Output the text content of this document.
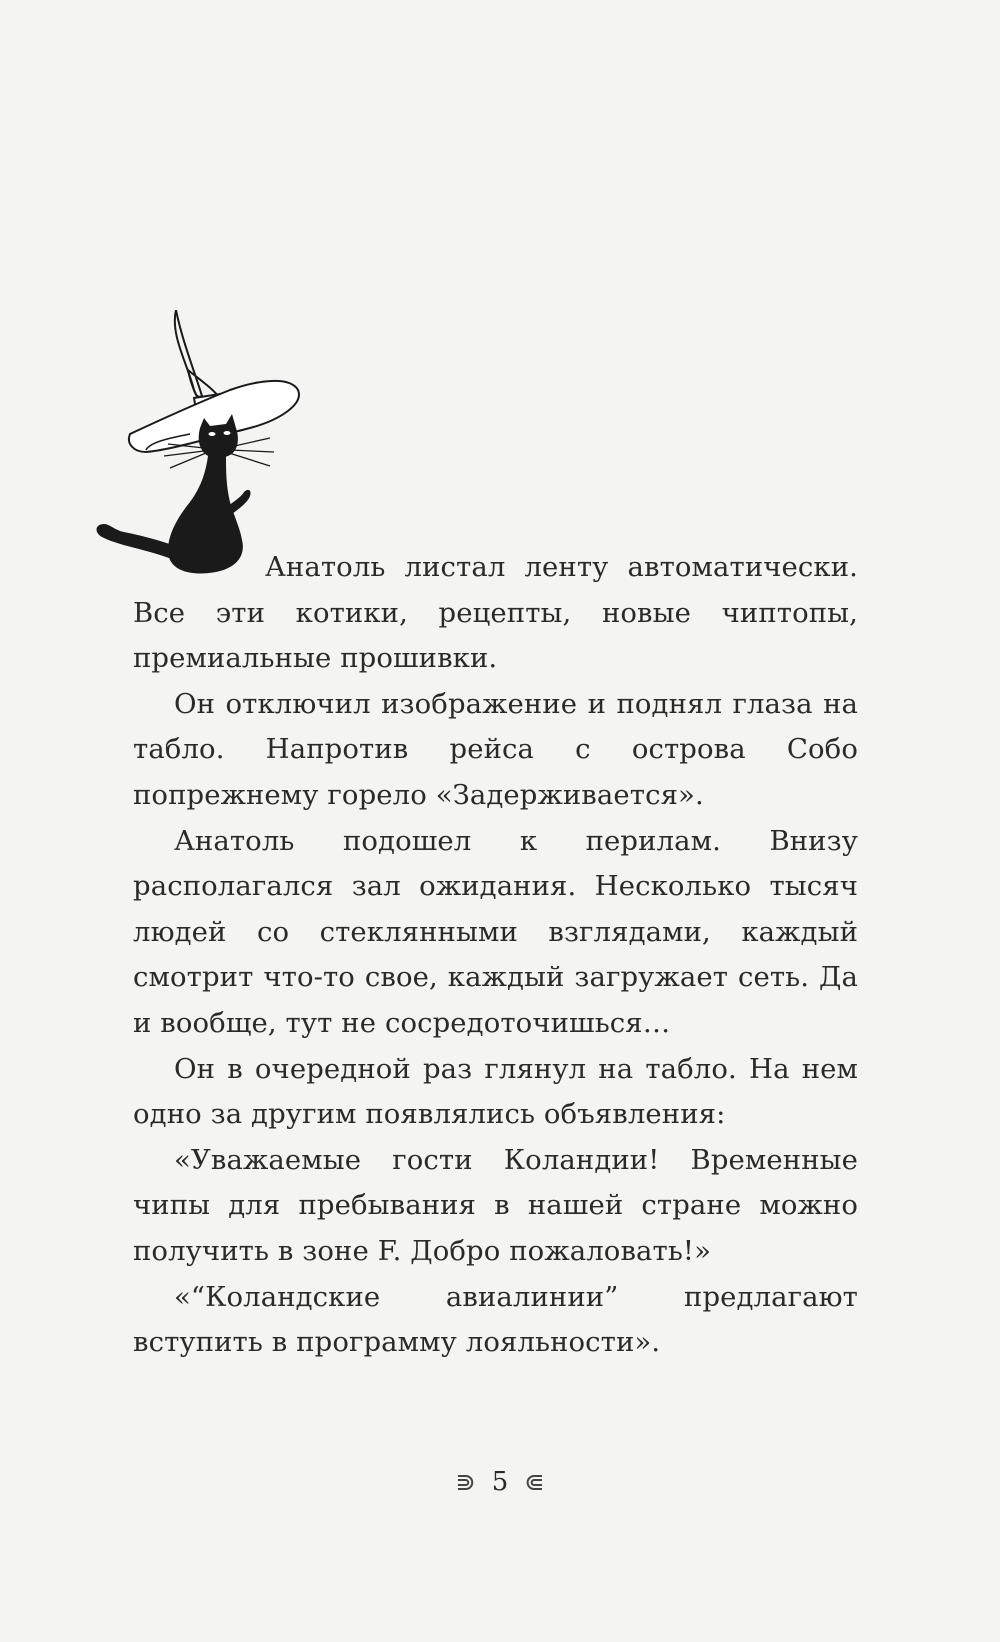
Анатоль листал ленту автоматически. Все эти котики, рецепты, новые чиптопы, премиальные прошивки.

Он отключил изображение и поднял глаза на табло. Напротив рейса с острова Собо попрежнему горело «Задерживается».

Анатоль подошел к перилам. Внизу располагался зал ожидания. Несколько тысяч людей со стеклянными взглядами, каждый смотрит что-то свое, каждый загружает сеть. Да и вообще, тут не сосредоточишься…

Он в очередной раз глянул на табло. На нем одно за другим появлялись объявления:

«Уважаемые гости Коландии! Временные чипы для пребывания в нашей стране можно получить в зоне F. Добро пожаловать!»

«“Коландские авиалинии” предлагают вступить в программу лояльности».

⋑ 5 ⋐
